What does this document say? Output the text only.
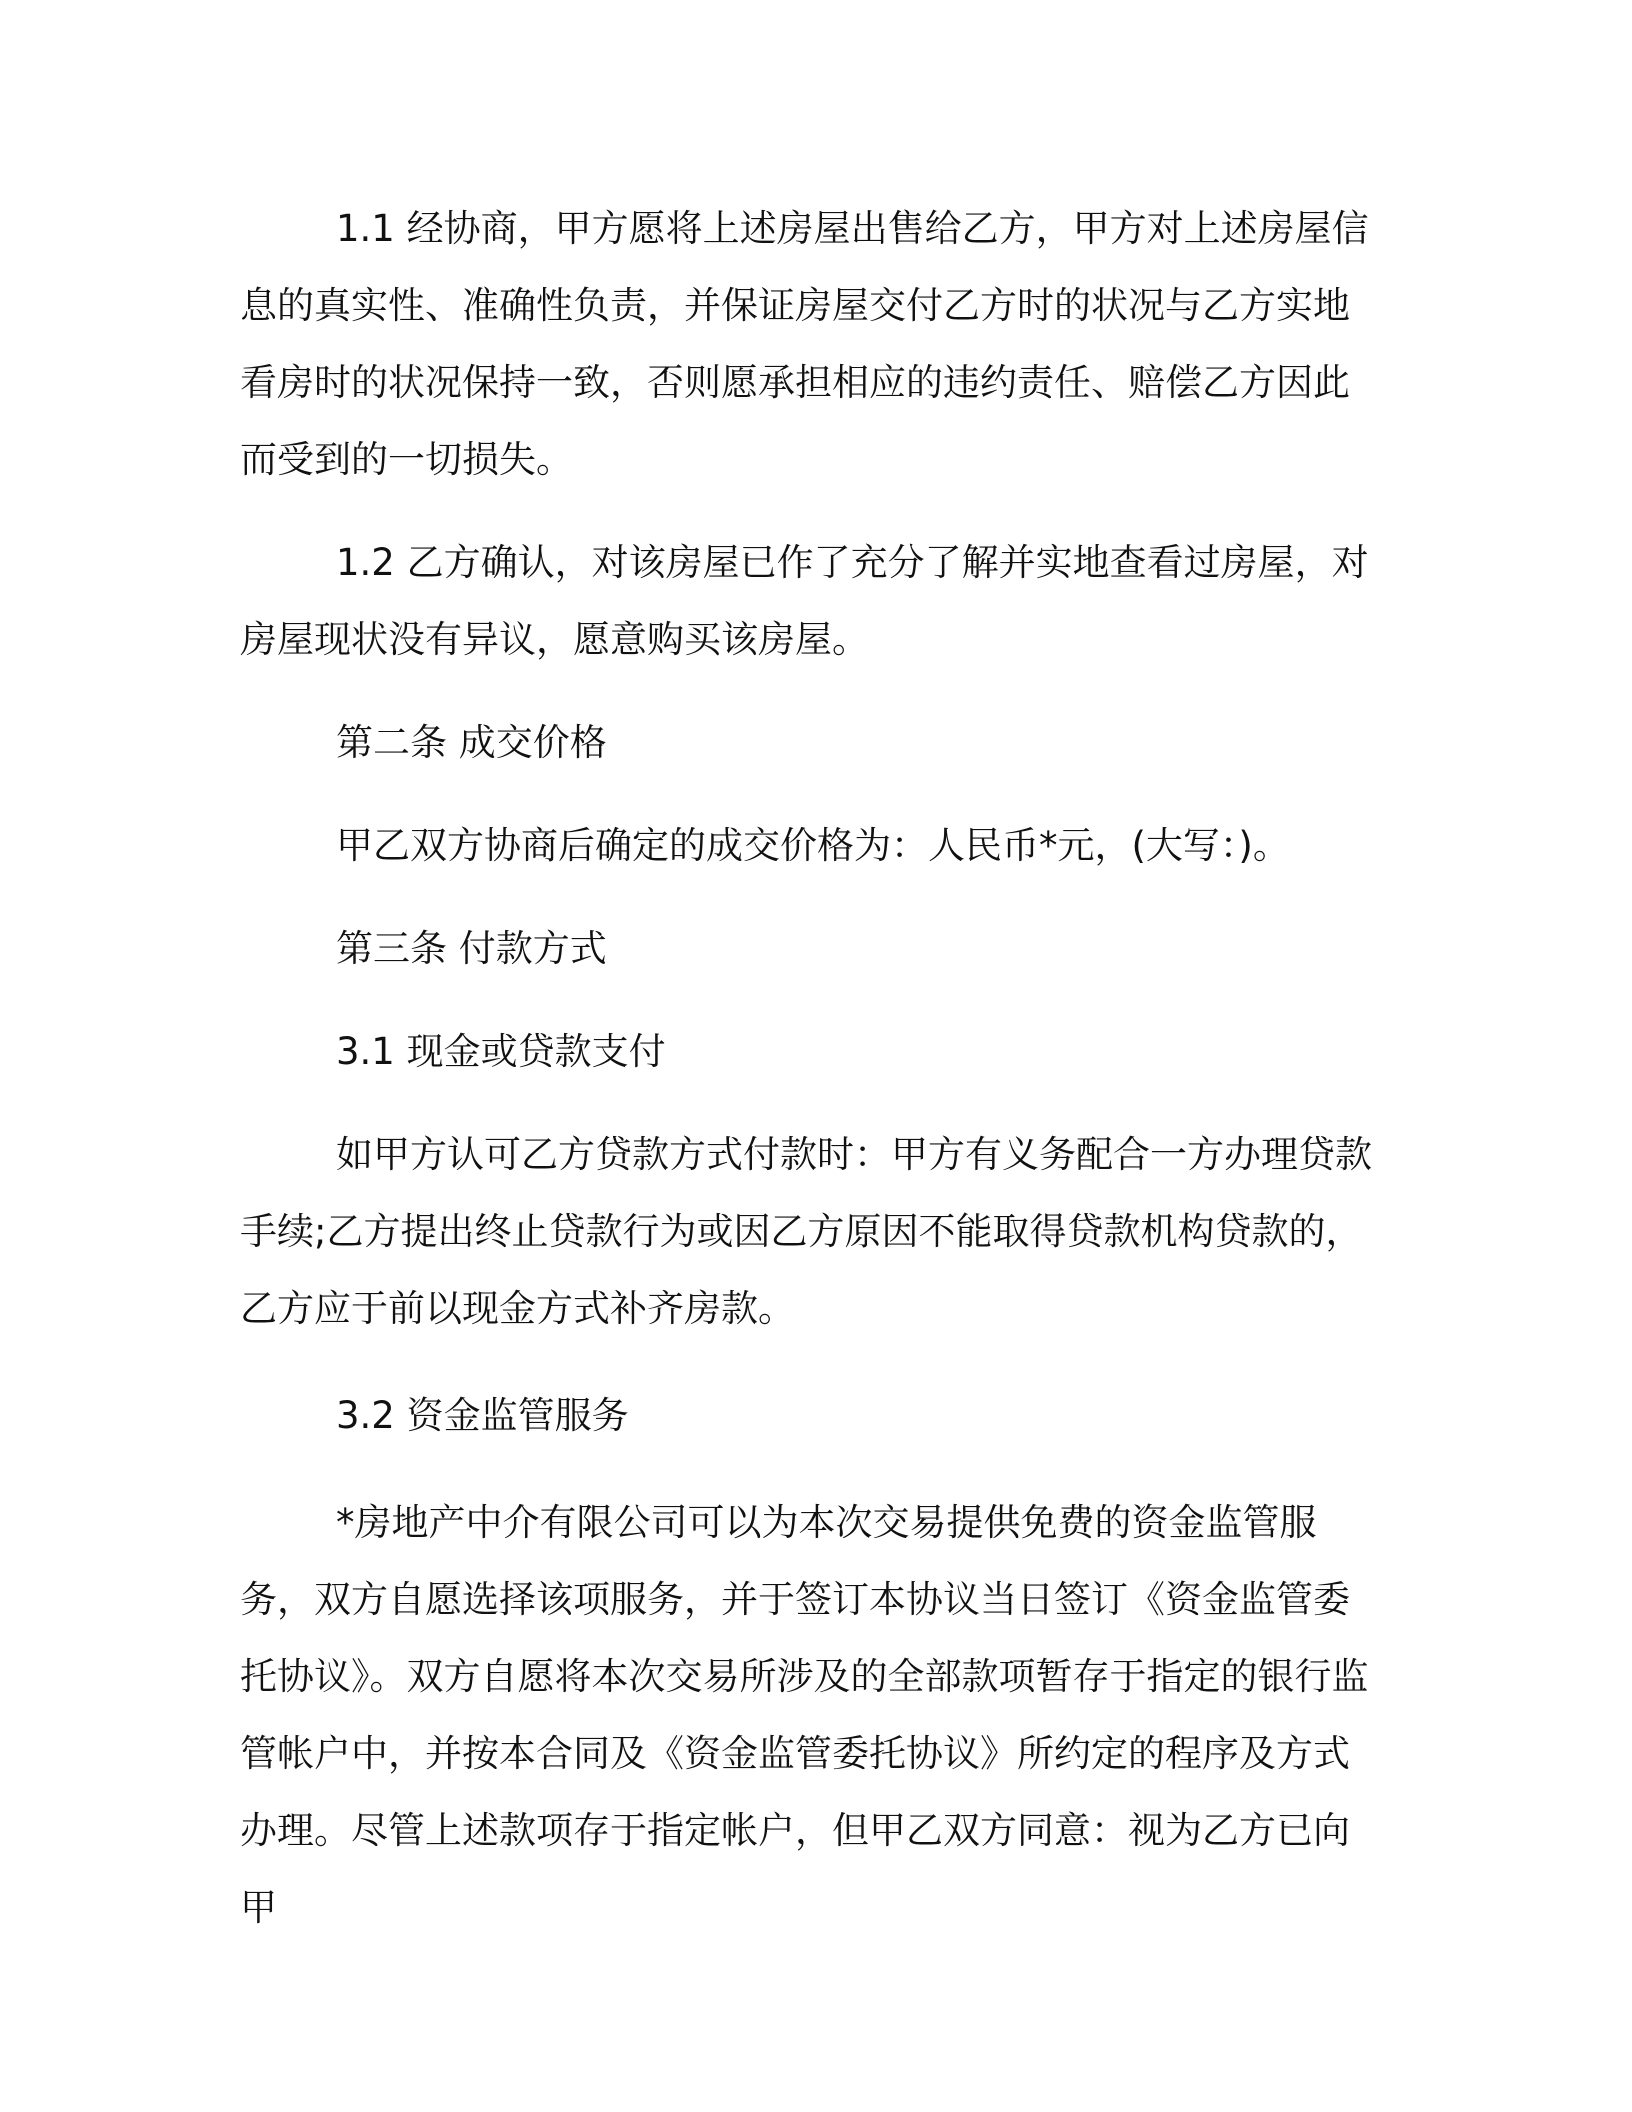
1.1 经协商，甲方愿将上述房屋出售给乙方，甲方对上述房屋信息的真实性、准确性负责，并保证房屋交付乙方时的状况与乙方实地看房时的状况保持一致，否则愿承担相应的违约责任、赔偿乙方因此而受到的一切损失。

1.2 乙方确认，对该房屋已作了充分了解并实地查看过房屋，对房屋现状没有异议，愿意购买该房屋。

第二条 成交价格

甲乙双方协商后确定的成交价格为：人民币*元，(大写：)。

第三条 付款方式

3.1 现金或贷款支付

如甲方认可乙方贷款方式付款时：甲方有义务配合一方办理贷款手续;乙方提出终止贷款行为或因乙方原因不能取得贷款机构贷款的，乙方应于前以现金方式补齐房款。

3.2 资金监管服务

*房地产中介有限公司可以为本次交易提供免费的资金监管服务，双方自愿选择该项服务，并于签订本协议当日签订《资金监管委托协议》。双方自愿将本次交易所涉及的全部款项暂存于指定的银行监管帐户中，并按本合同及《资金监管委托协议》所约定的程序及方式办理。尽管上述款项存于指定帐户，但甲乙双方同意：视为乙方已向甲
